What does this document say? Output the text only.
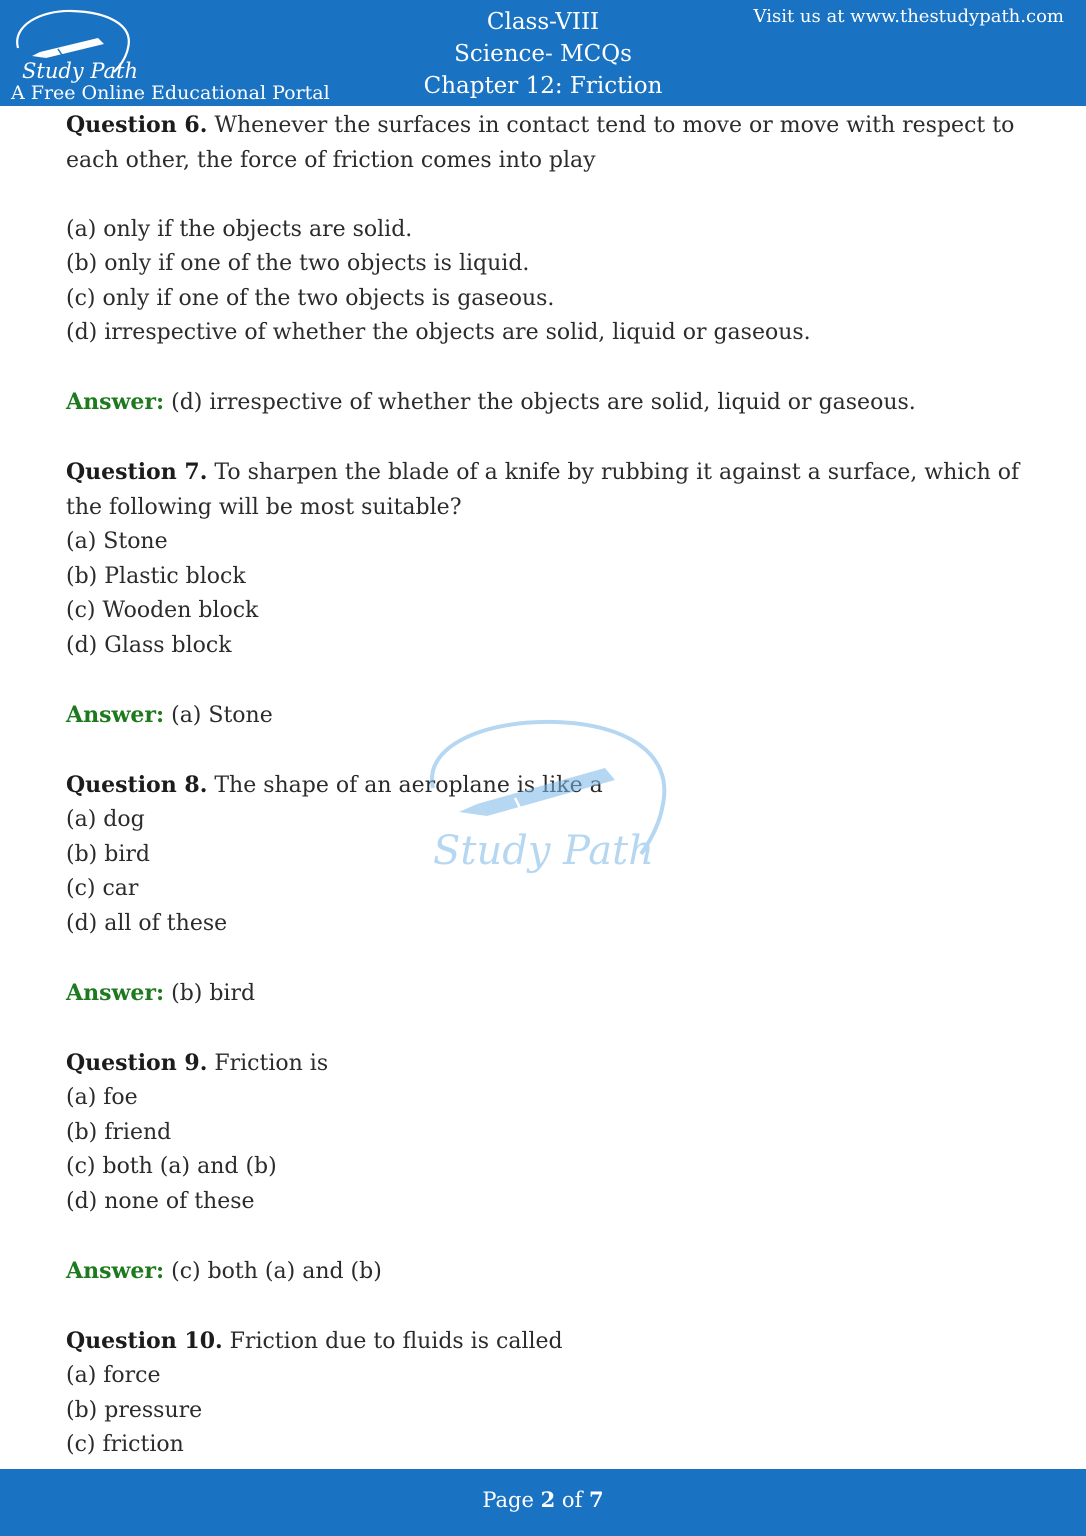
Study Path
A Free Online Educational Portal
Class-VIII
Science- MCQs
Chapter 12: Friction
Visit us at www.thestudypath.com
Question 6. Whenever the surfaces in contact tend to move or move with respect to each other, the force of friction comes into play
(a) only if the objects are solid.
(b) only if one of the two objects is liquid.
(c) only if one of the two objects is gaseous.
(d) irrespective of whether the objects are solid, liquid or gaseous.
Answer: (d) irrespective of whether the objects are solid, liquid or gaseous.
Question 7. To sharpen the blade of a knife by rubbing it against a surface, which of the following will be most suitable?
(a) Stone
(b) Plastic block
(c) Wooden block
(d) Glass block
Answer: (a) Stone
Question 8. The shape of an aeroplane is like a
(a) dog
(b) bird
(c) car
(d) all of these
Answer: (b) bird
Question 9. Friction is
(a) foe
(b) friend
(c) both (a) and (b)
(d) none of these
Answer: (c) both (a) and (b)
Question 10. Friction due to fluids is called
(a) force
(b) pressure
(c) friction
Study Path
Page 2 of 7
